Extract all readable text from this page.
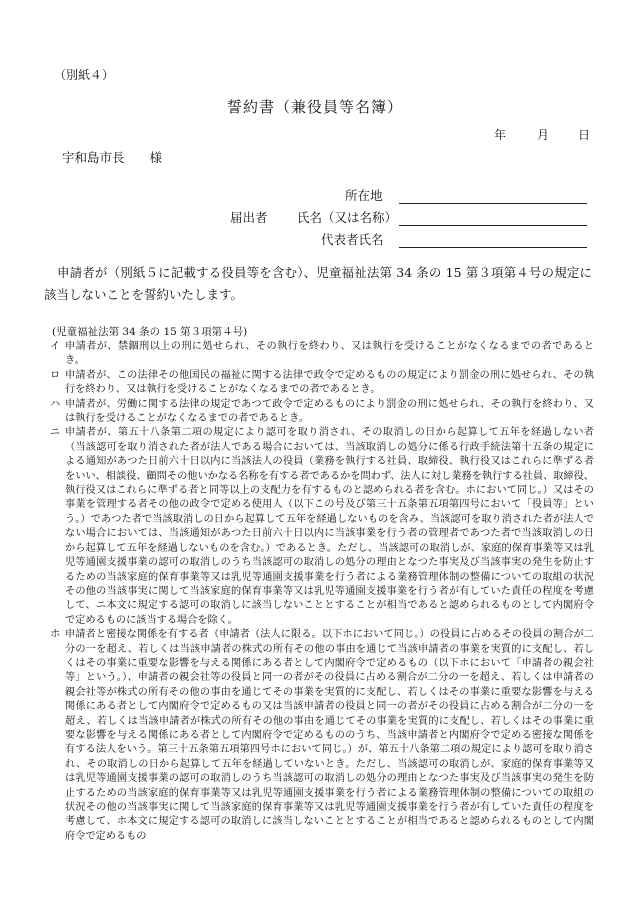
（別紙４）
誓約書（兼役員等名簿）
年	月 日
宇和島市長　　様
所在地
届出者 氏名（又は名称）
代表者氏名
申請者が（別紙５に記載する役員等を含む）、児童福祉法第 34 条の 15 第３項第４号の規定に該当しないことを誓約いたします。
(児童福祉法第 34 条の 15 第３項第４号)
イ 申請者が、禁錮刑以上の刑に処せられ、その執行を終わり、又は執行を受けることがなくなるまでの者であるとき。
ロ 申請者が、この法律その他国民の福祉に関する法律で政令で定めるものの規定により罰金の刑に処せられ、その執行を終わり、又は執行を受けることがなくなるまでの者であるとき。
ハ 申請者が、労働に関する法律の規定であつて政令で定めるものにより罰金の刑に処せられ、その執行を終わり、又は執行を受けることがなくなるまでの者であるとき。
ニ 申請者が、第五十八条第二項の規定により認可を取り消され、その取消しの日から起算して五年を経過しない者（当該認可を取り消された者が法人である場合においては、当該取消しの処分に係る行政手続法第十五条の規定による通知があつた日前六十日以内に当該法人の役員（業務を執行する社員、取締役、執行役又はこれらに準ずる者をいい、相談役、顧問その他いかなる名称を有する者であるかを問わず、法人に対し業務を執行する社員、取締役、執行役又はこれらに準ずる者と同等以上の支配力を有するものと認められる者を含む。ホにおいて同じ。）又はその事業を管理する者その他の政令で定める使用人（以下この号及び第三十五条第五項第四号において「役員等」という。）であつた者で当該取消しの日から起算して五年を経過しないものを含み、当該認可を取り消された者が法人でない場合においては、当該通知があつた日前六十日以内に当該事業を行う者の管理者であつた者で当該取消しの日から起算して五年を経過しないものを含む。）であるとき。ただし、当該認可の取消しが、家庭的保育事業等又は乳児等通園支援事業の認可の取消しのうち当該認可の取消しの処分の理由となつた事実及び当該事実の発生を防止するための当該家庭的保育事業等又は乳児等通園支援事業を行う者による業務管理体制の整備についての取組の状況その他の当該事実に関して当該家庭的保育事業等又は乳児等通園支援事業を行う者が有していた責任の程度を考慮して、ニ本文に規定する認可の取消しに該当しないこととすることが相当であると認められるものとして内閣府令で定めるものに該当する場合を除く。
ホ 申請者と密接な関係を有する者（申請者（法人に限る。以下ホにおいて同じ。）の役員に占めるその役員の割合が二分の一を超え、若しくは当該申請者の株式の所有その他の事由を通じて当該申請者の事業を実質的に支配し、若しくはその事業に重要な影響を与える関係にある者として内閣府令で定めるもの（以下ホにおいて「申請者の親会社等」という。）、申請者の親会社等の役員と同一の者がその役員に占める割合が二分の一を超え、若しくは申請者の親会社等が株式の所有その他の事由を通じてその事業を実質的に支配し、若しくはその事業に重要な影響を与える関係にある者として内閣府令で定めるもの又は当該申請者の役員と同一の者がその役員に占める割合が二分の一を超え、若しくは当該申請者が株式の所有その他の事由を通じてその事業を実質的に支配し、若しくはその事業に重要な影響を与える関係にある者として内閣府令で定めるもののうち、当該申請者と内閣府令で定める密接な関係を有する法人をいう。第三十五条第五項第四号ホにおいて同じ。）が、第五十八条第二項の規定により認可を取り消され、その取消しの日から起算して五年を経過していないとき。ただし、当該認可の取消しが、家庭的保育事業等又は乳児等通園支援事業の認可の取消しのうち当該認可の取消しの処分の理由となつた事実及び当該事実の発生を防止するための当該家庭的保育事業等又は乳児等通園支援事業を行う者による業務管理体制の整備についての取組の状況その他の当該事実に関して当該家庭的保育事業等又は乳児等通園支援事業を行う者が有していた責任の程度を考慮して、ホ本文に規定する認可の取消しに該当しないこととすることが相当であると認められるものとして内閣府令で定めるもの
